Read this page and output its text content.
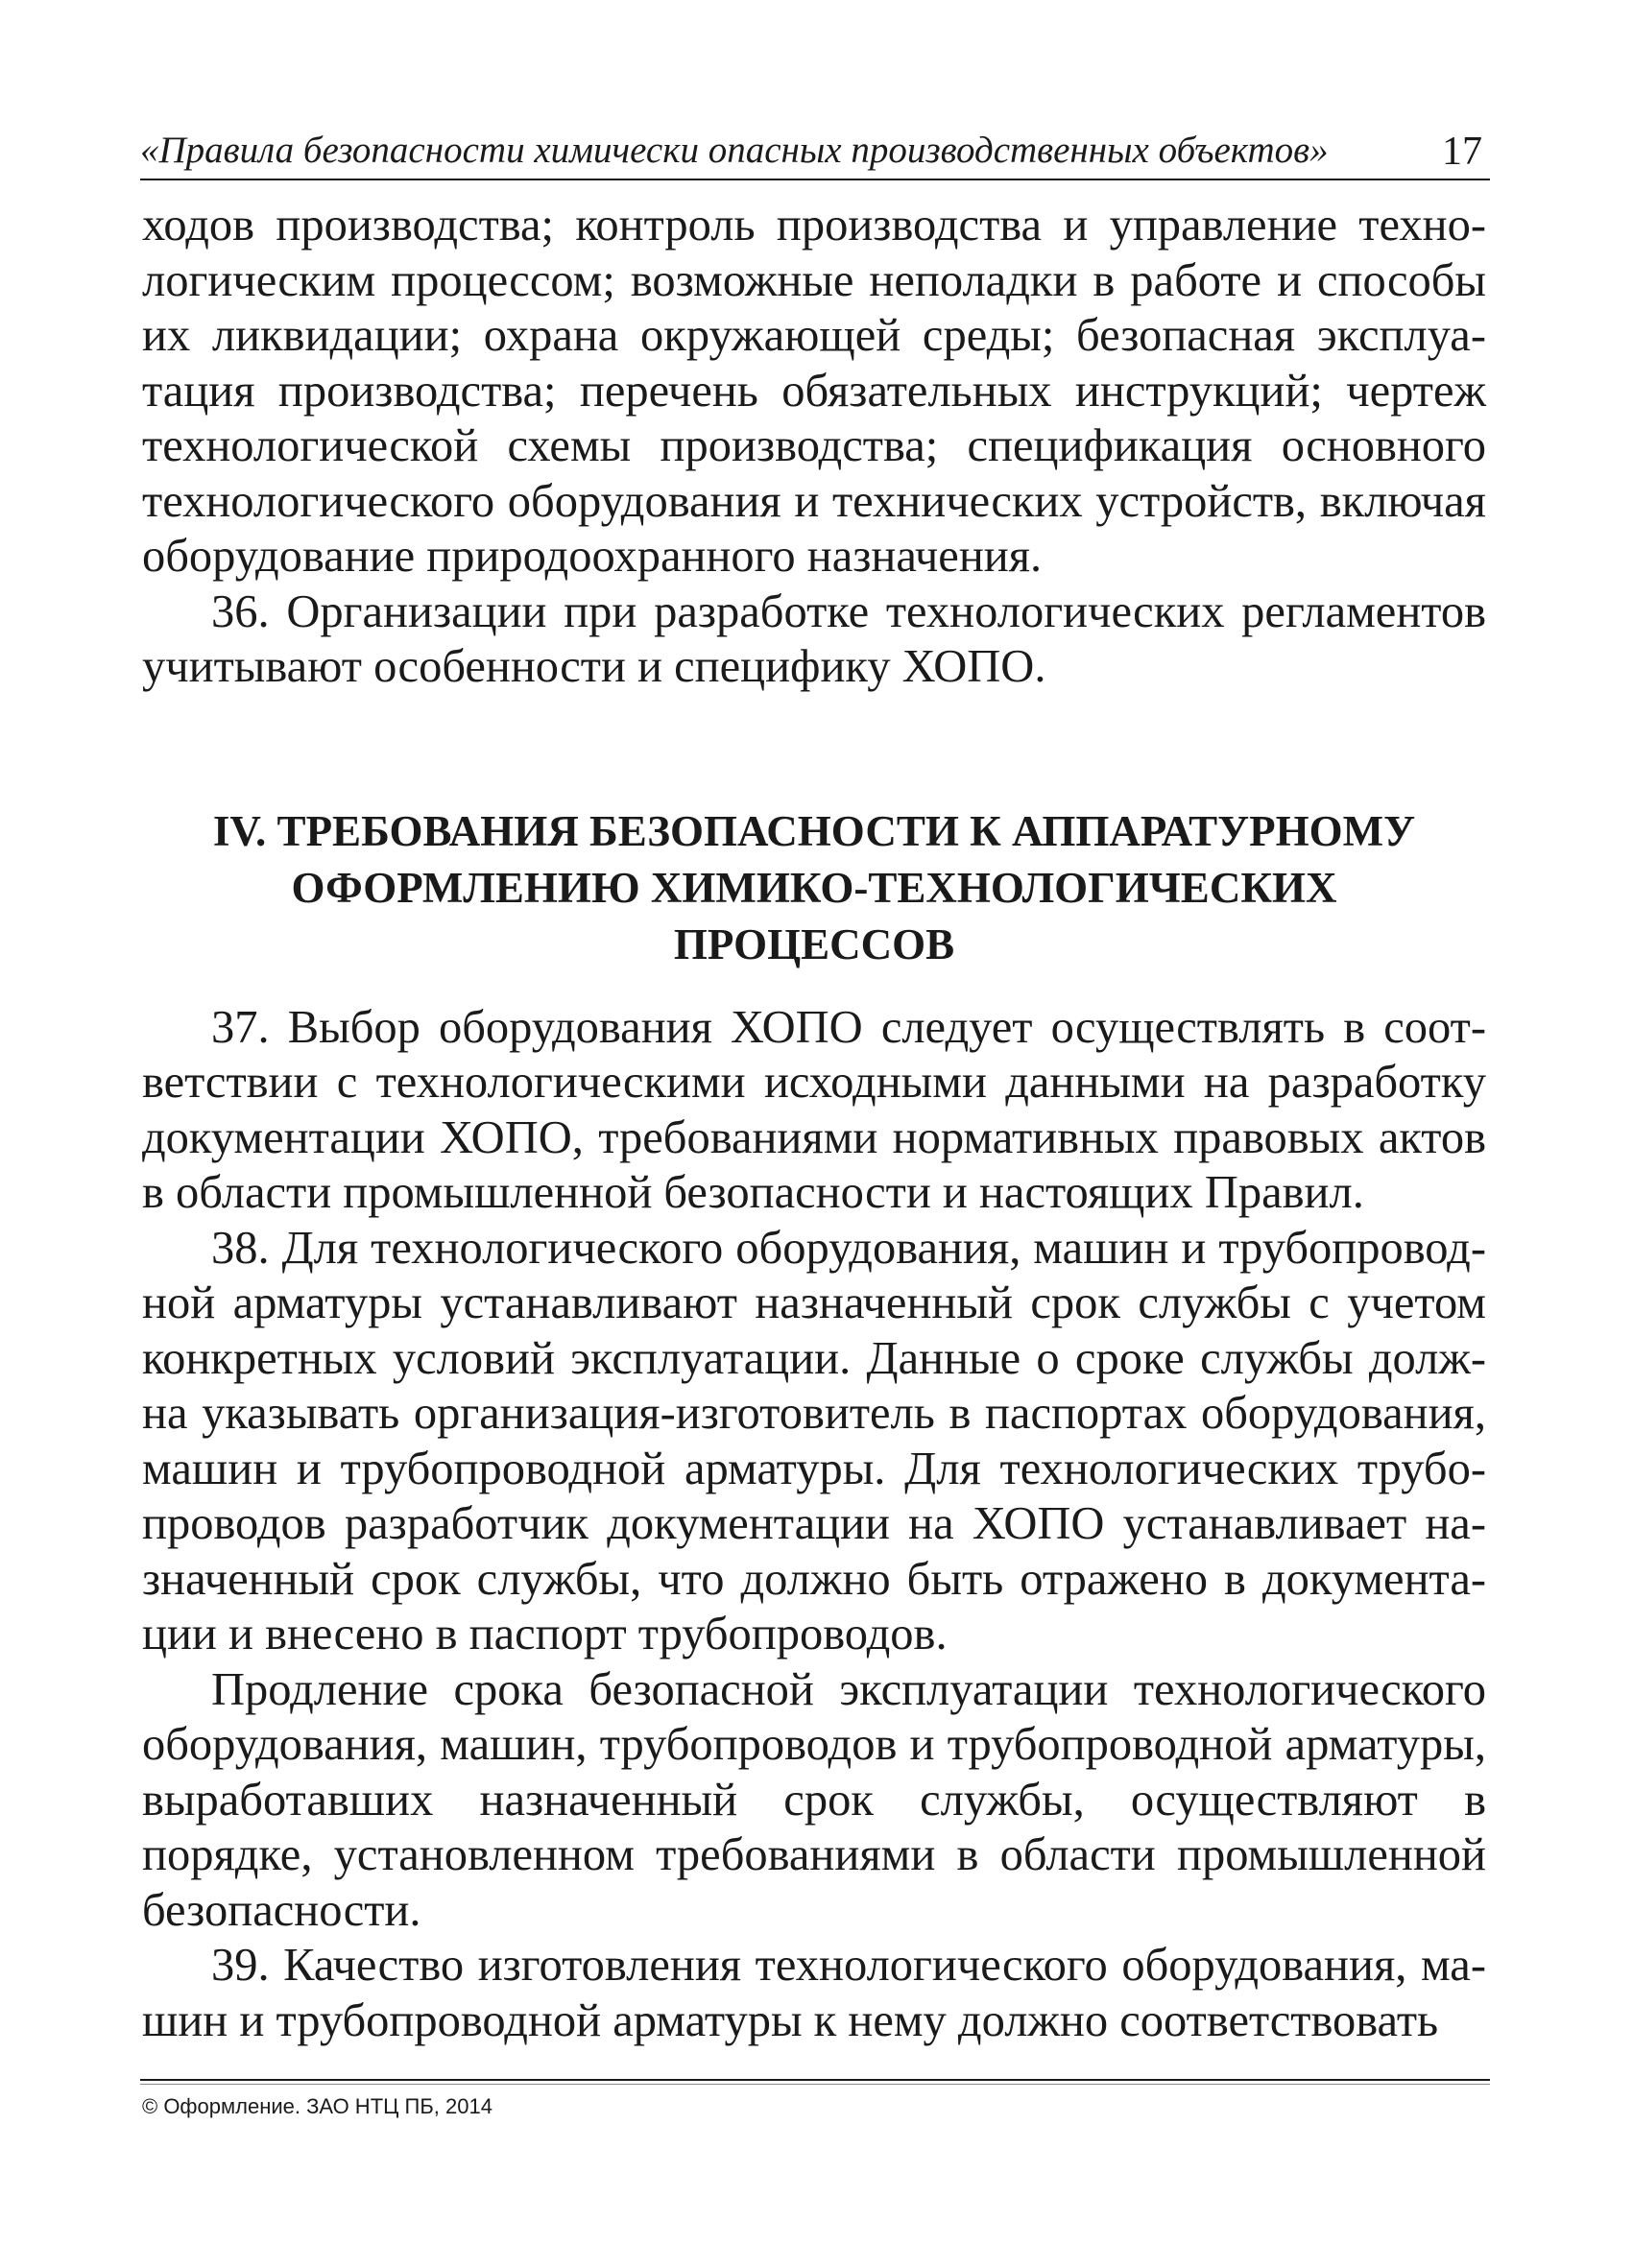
«Правила безопасности химически опасных производственных объектов»	17

ходов производства; контроль производства и управление технологическим процессом; возможные неполадки в работе и способы их ликвидации; охрана окружающей среды; безопасная эксплуатация производства; перечень обязательных инструкций; чертеж технологической схемы производства; спецификация основного технологического оборудования и технических устройств, включая оборудование природоохранного назначения.

36. Организации при разработке технологических регламентов учитывают особенности и специфику ХОПО.

IV. ТРЕБОВАНИЯ БЕЗОПАСНОСТИ К АППАРАТУРНОМУ
ОФОРМЛЕНИЮ ХИМИКО-ТЕХНОЛОГИЧЕСКИХ
ПРОЦЕССОВ

37. Выбор оборудования ХОПО следует осуществлять в соответствии с технологическими исходными данными на разработку документации ХОПО, требованиями нормативных правовых актов в области промышленной безопасности и настоящих Правил.

38. Для технологического оборудования, машин и трубопроводной арматуры устанавливают назначенный срок службы с учетом конкретных условий эксплуатации. Данные о сроке службы должна указывать организация-изготовитель в паспортах оборудования, машин и трубопроводной арматуры. Для технологических трубопроводов разработчик документации на ХОПО устанавливает назначенный срок службы, что должно быть отражено в документации и внесено в паспорт трубопроводов.

Продление срока безопасной эксплуатации технологического оборудования, машин, трубопроводов и трубопроводной арматуры, выработавших назначенный срок службы, осуществляют в порядке, установленном требованиями в области промышленной безопасности.

39. Качество изготовления технологического оборудования, машин и трубопроводной арматуры к нему должно соответствовать

© Оформление. ЗАО НТЦ ПБ, 2014
